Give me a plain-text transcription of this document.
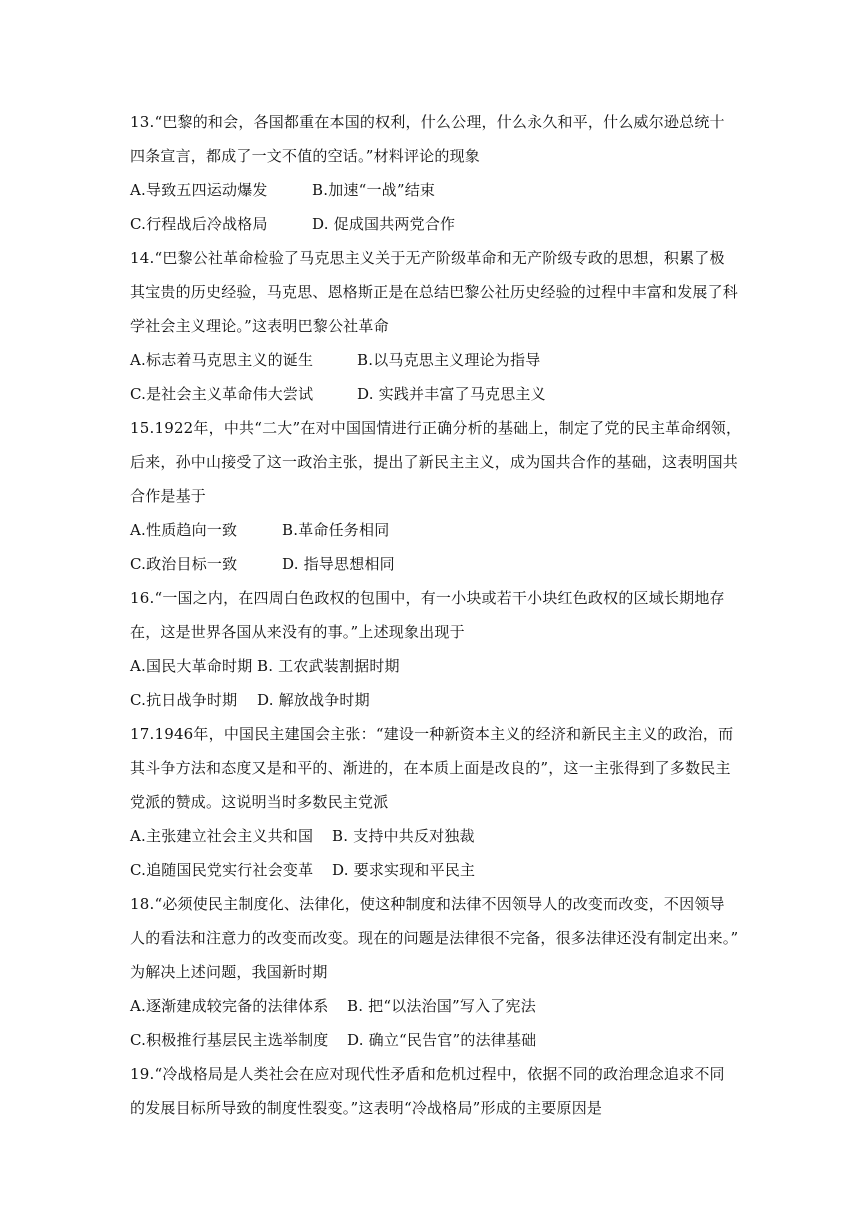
13.“巴黎的和会，各国都重在本国的权利，什么公理，什么永久和平，什么威尔逊总统十
四条宣言，都成了一文不值的空话。”材料评论的现象
A.导致五四运动爆发	B.加速“一战”结束
C.行程战后冷战格局	D. 促成国共两党合作
14.“巴黎公社革命检验了马克思主义关于无产阶级革命和无产阶级专政的思想，积累了极
其宝贵的历史经验，马克思、恩格斯正是在总结巴黎公社历史经验的过程中丰富和发展了科
学社会主义理论。”这表明巴黎公社革命
A.标志着马克思主义的诞生	B.以马克思主义理论为指导
C.是社会主义革命伟大尝试	D. 实践并丰富了马克思主义
15.1922年，中共“二大”在对中国国情进行正确分析的基础上，制定了党的民主革命纲领，
后来，孙中山接受了这一政治主张，提出了新民主主义，成为国共合作的基础，这表明国共
合作是基于
A.性质趋向一致	B.革命任务相同
C.政治目标一致	D. 指导思想相同
16.“一国之内，在四周白色政权的包围中，有一小块或若干小块红色政权的区域长期地存
在，这是世界各国从来没有的事。”上述现象出现于
A.国民大革命时期 B. 工农武装割据时期
C.抗日战争时期 D. 解放战争时期
17.1946年，中国民主建国会主张：“建设一种新资本主义的经济和新民主主义的政治，而
其斗争方法和态度又是和平的、渐进的，在本质上面是改良的”，这一主张得到了多数民主
党派的赞成。这说明当时多数民主党派
A.主张建立社会主义共和国 B. 支持中共反对独裁
C.追随国民党实行社会变革 D. 要求实现和平民主
18.“必须使民主制度化、法律化，使这种制度和法律不因领导人的改变而改变，不因领导
人的看法和注意力的改变而改变。现在的问题是法律很不完备，很多法律还没有制定出来。”
为解决上述问题，我国新时期
A.逐渐建成较完备的法律体系 B. 把“以法治国”写入了宪法
C.积极推行基层民主选举制度 D. 确立“民告官”的法律基础
19.“冷战格局是人类社会在应对现代性矛盾和危机过程中，依据不同的政治理念追求不同
的发展目标所导致的制度性裂变。”这表明“冷战格局”形成的主要原因是
